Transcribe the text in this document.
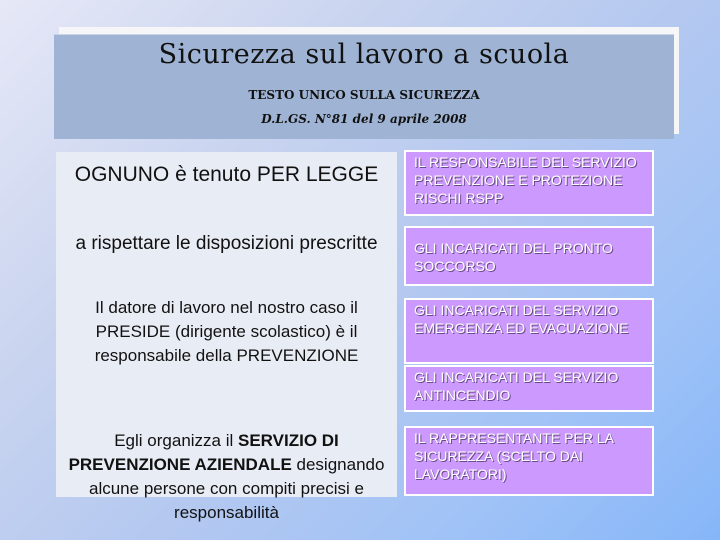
Sicurezza sul lavoro a scuola
TESTO UNICO SULLA SICUREZZA
D.L.GS. N°81 del 9 aprile 2008
OGNUNO è tenuto PER LEGGE
a rispettare le disposizioni prescritte
Il datore di lavoro nel nostro caso il PRESIDE (dirigente scolastico) è il responsabile della PREVENZIONE
Egli organizza il SERVIZIO DI PREVENZIONE AZIENDALE designando alcune persone con compiti precisi e responsabilità
IL RESPONSABILE DEL SERVIZIO PREVENZIONE E PROTEZIONE RISCHI RSPP
GLI INCARICATI DEL PRONTO SOCCORSO
GLI INCARICATI DEL SERVIZIO EMERGENZA ED EVACUAZIONE
GLI INCARICATI DEL SERVIZIO ANTINCENDIO
IL RAPPRESENTANTE PER LA SICUREZZA (SCELTO DAI LAVORATORI)
